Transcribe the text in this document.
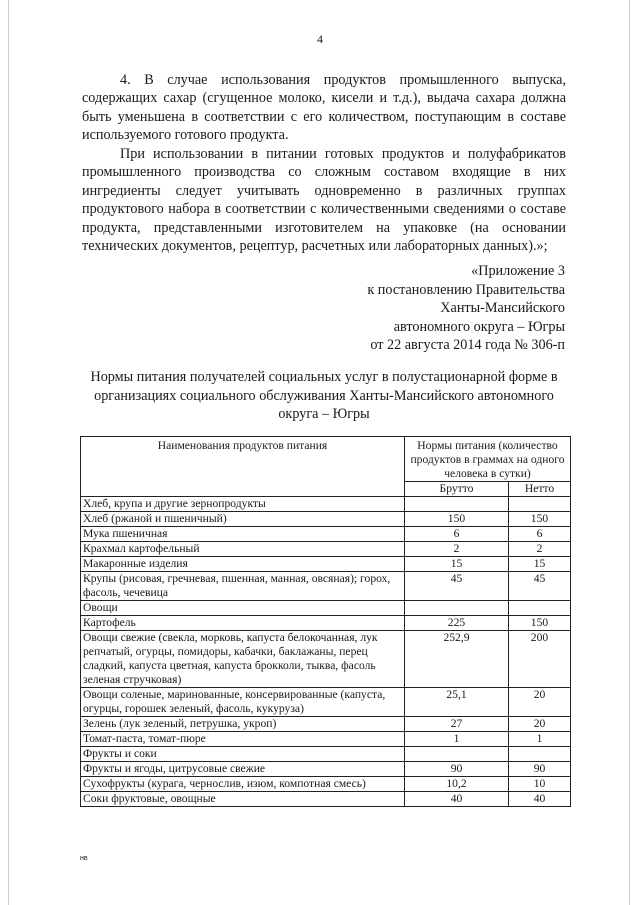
4

4. В случае использования продуктов промышленного выпуска, содержащих сахар (сгущенное молоко, кисели и т.д.), выдача сахара должна быть уменьшена в соответствии с его количеством, поступающим в составе используемого готового продукта.

При использовании в питании готовых продуктов и полуфабрикатов промышленного производства со сложным составом входящие в них ингредиенты следует учитывать одновременно в различных группах продуктового набора в соответствии с количественными сведениями о составе продукта, представленными изготовителем на упаковке (на основании технических документов, рецептур, расчетных или лабораторных данных).»;

«Приложение 3
к постановлению Правительства
Ханты-Мансийского
автономного округа – Югры
от 22 августа 2014 года № 306-п
Нормы питания получателей социальных услуг в полустационарной форме в организациях социального обслуживания Ханты-Мансийского автономного округа – Югры
Наименования продуктов питания	Нормы питания (количество продуктов в граммах на одного человека в сутки)	
	Брутто	Нетто
Хлеб, крупа и другие зернопродукты		
Хлеб (ржаной и пшеничный)	150	150
Мука пшеничная	6	6
Крахмал картофельный	2	2
Макаронные изделия	15	15
Крупы (рисовая, гречневая, пшенная, манная, овсяная); горох, фасоль, чечевица	45	45
Овощи		
Картофель	225	150
Овощи свежие (свекла, морковь, капуста белокочанная, лук репчатый, огурцы, помидоры, кабачки, баклажаны, перец сладкий, капуста цветная, капуста брокколи, тыква, фасоль зеленая стручковая)	252,9	200
Овощи соленые, маринованные, консервированные (капуста, огурцы, горошек зеленый, фасоль, кукуруза)	25,1	20
Зелень (лук зеленый, петрушка, укроп)	27	20
Томат-паста, томат-пюре	1	1
Фрукты и соки		
Фрукты и ягоды, цитрусовые свежие	90	90
Сухофрукты (курага, чернослив, изюм, компотная смесь)	10,2	10
Соки фруктовые, овощные	40	40
нв
